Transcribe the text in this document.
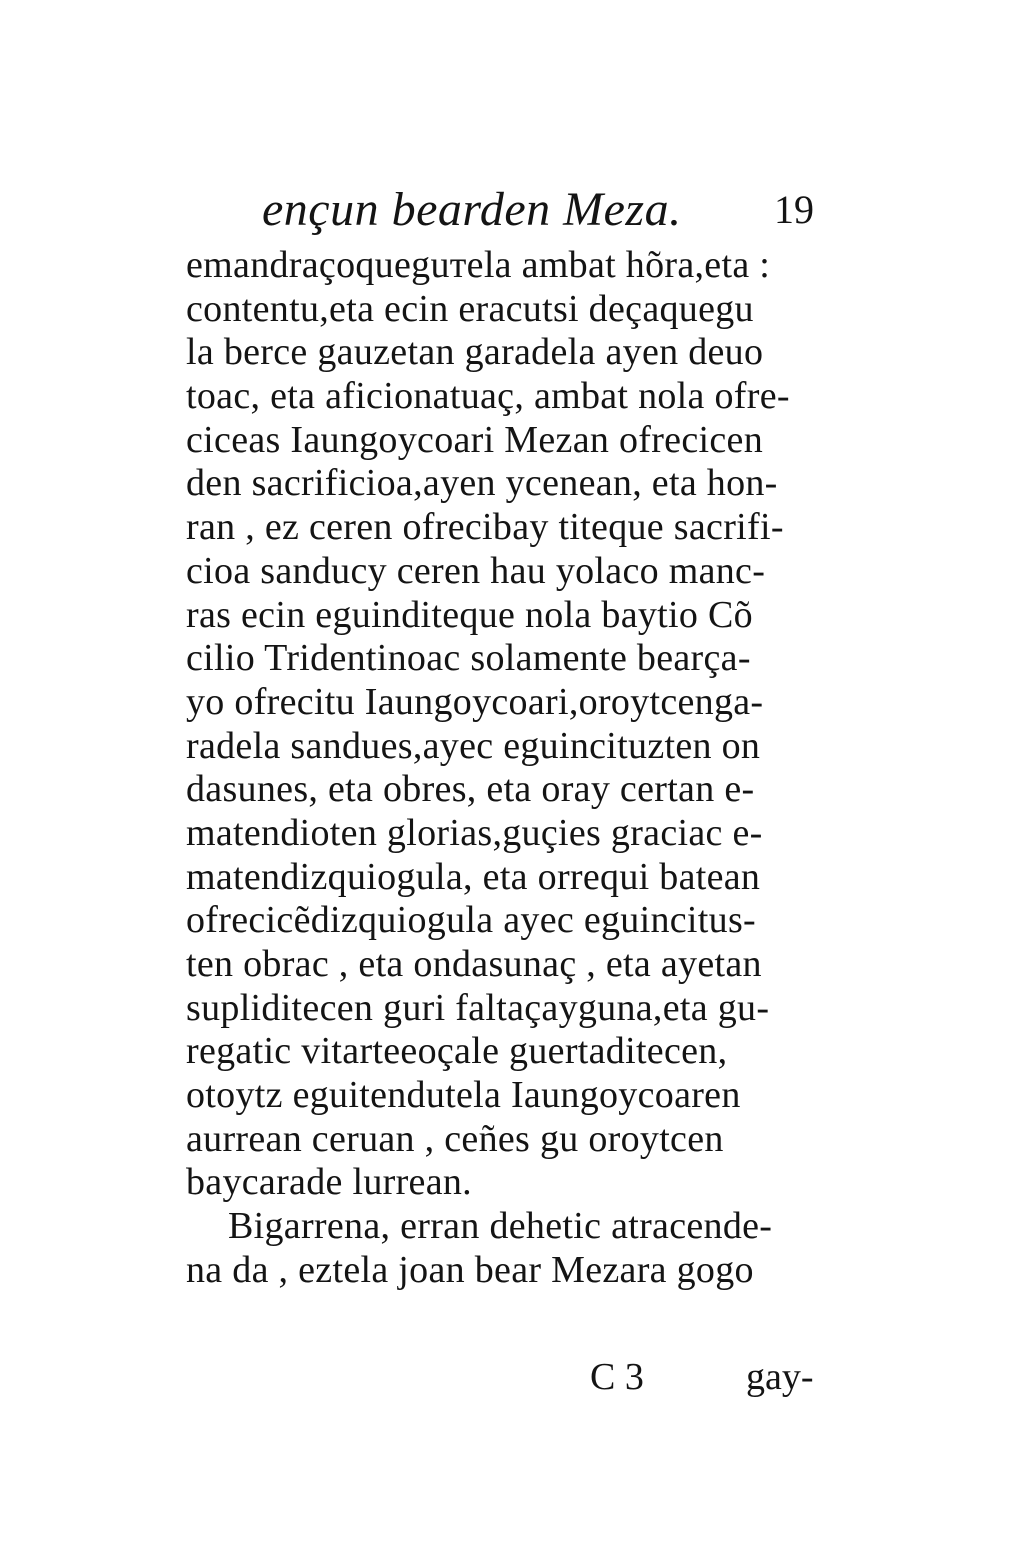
ençun bearden Meza. 19
emandraçoqueguтela ambat hõra,eta :
contentu,eta ecin eracutsi deçaquegu
la berce gauzetan garadela ayen deuo
toac, eta aficionatuaç, ambat nola ofre-
ciceas Iaungoycoari Mezan ofrecicen
den sacrificioa,ayen ycenean, eta hon-
ran , ez ceren ofrecibay titeque sacrifi-
cioa sanducy ceren hau yolaco manc-
ras ecin eguinditeque nola baytio Cõ
cilio Tridentinoac solamente bearça-
yo ofrecitu Iaungoycoari,oroytcenga-
radela sandues,ayec eguincituzten on
dasunes, eta obres, eta oray certan e-
matendioten glorias,guçies graciac e-
matendizquiogula, eta orrequi batean
ofrecicẽdizquiogula ayec eguincitus-
ten obrac , eta ondasunaç , eta ayetan
supliditecen guri faltaçayguna,eta gu-
regatic vitarteeoçale guertaditecen,
otoytz eguitendutela Iaungoycoaren
aurrean ceruan , ceñes gu oroytcen
baycarade lurrean.
Bigarrena, erran dehetic atracende-
na da , eztela joan bear Mezara gogo
C 3	gay-
